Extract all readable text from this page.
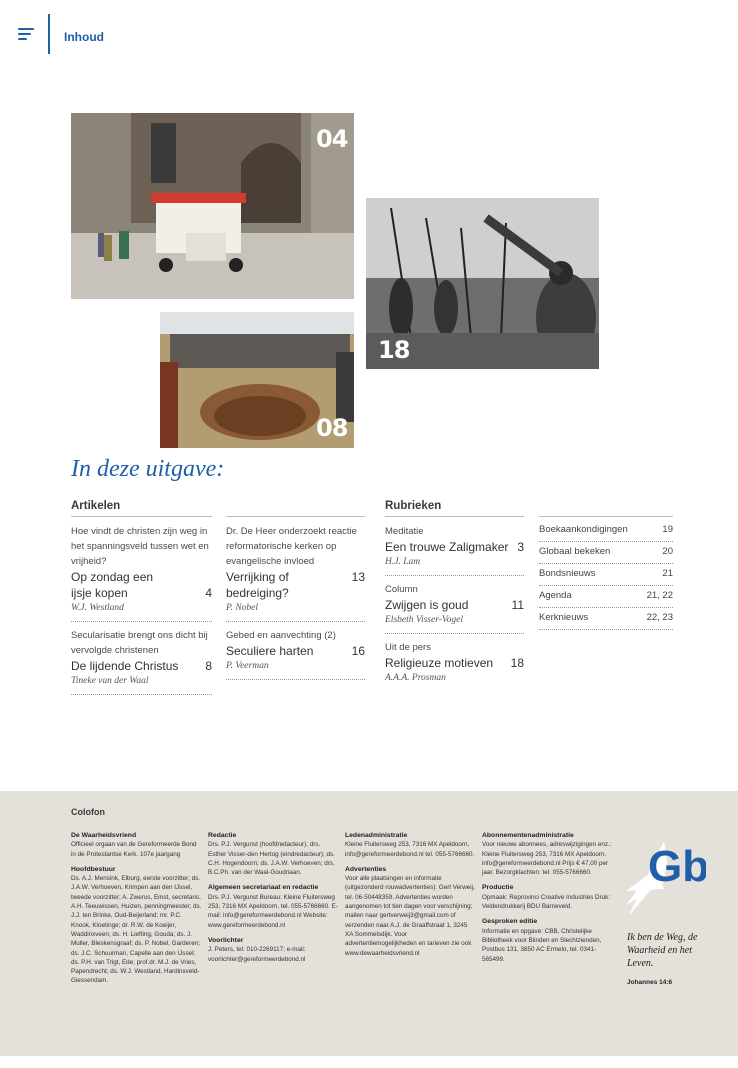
Inhoud
04
18
08
In deze uitgave:
Artikelen
Hoe vindt de christen zijn weg in het spanningsveld tussen wet en vrijheid?
Op zondag een ijsje kopen	4
W.J. Westland
Secularisatie brengt ons dicht bij vervolgde christenen
De lijdende Christus 8
Tineke van der Waal
Dr. De Heer onderzoekt reactie reformatorische kerken op evangelische invloed
Verrijking of bedreiging?
13
P. Nobel
Gebed en aanvechting (2)
Seculiere harten	16
P. Veerman
Rubrieken
Meditatie
Een trouwe Zaligmaker 3
H.J. Lam
Column
Zwijgen is goud	11
Elsbeth Visser-Vogel
Uit de pers
Religieuze motieven 18
A.A.A. Prosman
Boekaankondigingen	19
Globaal bekeken	20
Bondsnieuws	21
Agenda	21, 22
Kerknieuws	22, 23
Colofon

De Waarheidsvriend
Officieel orgaan van de Gereformeerde Bond in de Protestantse Kerk. 107e jaargang

Hoofdbestuur
Ds. A.J. Mensink, Elburg, eerste voorzitter; ds. J.A.W. Verhoeven, Krimpen aan den IJssel, tweede voorzitter; A. Zwerus, Emst, secretaris; A.H. Teeuwissen, Huizen, penningmeester; ds. J.J. ten Brinke, Oud-Beijerland; mr. P.C. Knook, Kloetinge; dr. R.W. de Koeijer, Waddinxveen; ds. H. Liefting, Gouda; ds. J. Muller, Bleskensgraaf; ds. P. Nobel, Garderen; ds. J.C. Schuurman, Capelle aan den IJssel; ds. P.H. van Trigt, Ede; prof.dr. M.J. de Vries, Papendrecht; ds. W.J. Westland, Hardinxveld-Giessendam.

Redactie
Drs. P.J. Vergunst (hoofdredacteur); drs. Esther Visser-den Hertog (eindredacteur); ds. C.H. Hogendoorn; ds. J.A.W. Verhoeven; drs. B.C.Ph. van der Waal-Goudriaan.

Algemeen secretariaat en redactie
Drs. P.J. Vergunst Bureau: Kleine Fluitersweg 253, 7316 MX Apeldoorn, tel. 055-5766660. E-mail: info@gereformeerdebond.nl Website: www.gereformeerdebond.nl

Voorlichter
J. Peters, tel. 010-2269117; e-mail: voorlichter@gereformeerdebond.nl

Ledenadministratie
Kleine Fluitersweg 253, 7316 MX Apeldoorn, info@gereformeerdebond.nl tel. 055-5766660.

Advertenties
Voor alle plaatsingen en informatie (uitgezonderd rouwadvertenties): Gert Verweij, tel. 06-50448359. Advertenties worden aangenomen tot tien dagen voor verschijning; mailen naar gertverweij3@gmail.com of verzenden naar A.J. de Graaffstraat 1, 3245 XA Sommelsdijk. Voor advertentiemogelijkheden en tarieven zie ook www.dewaarheidsvriend.nl

Abonnementenadministratie
Voor nieuwe abonnees, adreswijzigingen enz.: Kleine Fluitersweg 253, 7316 MX Apeldoorn. info@gereformeerdebond.nl Prijs € 47,00 per jaar. Bezorgklachten: tel. 055-5766660.

Productie
Opmaak: Reprovinci Creative Industries Druk: Veldendrukkerij BDU Barneveld.

Gesproken editie
Informatie en opgave: CBB, Christelijke Bibliotheek voor Blinden en Slechtzienden, Postbus 131, 3850 AC Ermelo, tel. 0341-565499.

Gb
Ik ben de Weg, de Waarheid en het Leven.
Johannes 14:6
